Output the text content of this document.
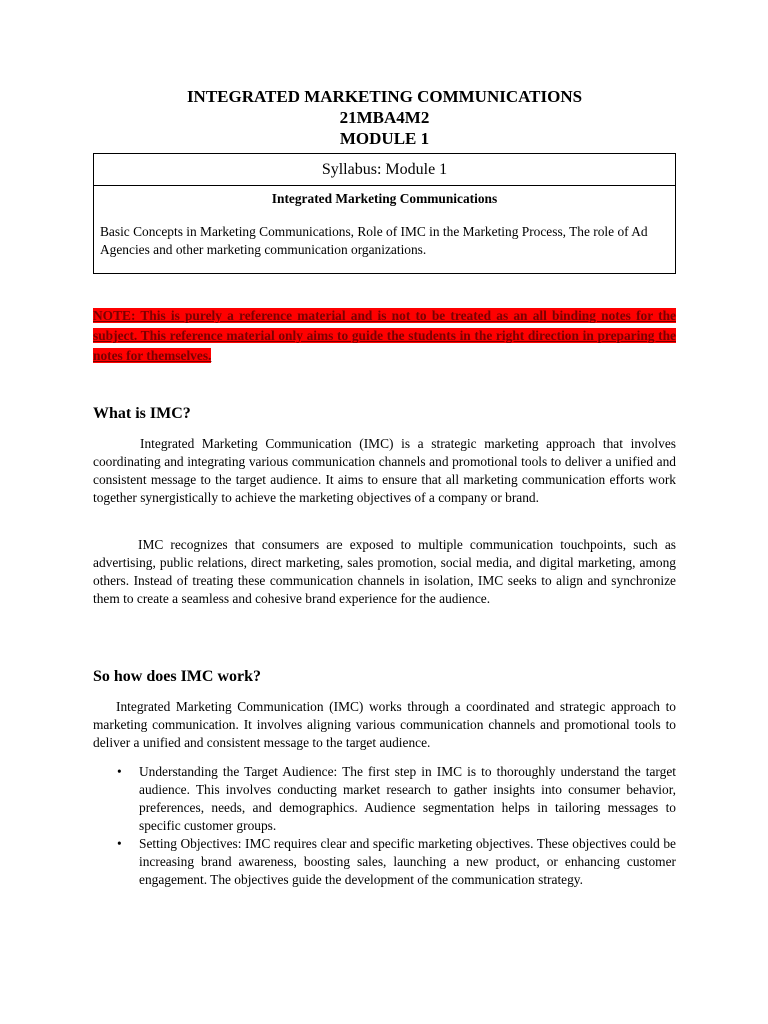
INTEGRATED MARKETING COMMUNICATIONS
21MBA4M2
MODULE 1
Syllabus: Module 1
Integrated Marketing Communications
Basic Concepts in Marketing Communications, Role of IMC in the Marketing Process, The role of Ad Agencies and other marketing communication organizations.
NOTE: This is purely a reference material and is not to be treated as an all binding notes for the subject. This reference material only aims to guide the students in the right direction in preparing the notes for themselves.
What is IMC?

Integrated Marketing Communication (IMC) is a strategic marketing approach that involves coordinating and integrating various communication channels and promotional tools to deliver a unified and consistent message to the target audience. It aims to ensure that all marketing communication efforts work together synergistically to achieve the marketing objectives of a company or brand.

IMC recognizes that consumers are exposed to multiple communication touchpoints, such as advertising, public relations, direct marketing, sales promotion, social media, and digital marketing, among others. Instead of treating these communication channels in isolation, IMC seeks to align and synchronize them to create a seamless and cohesive brand experience for the audience.

So how does IMC work?

Integrated Marketing Communication (IMC) works through a coordinated and strategic approach to marketing communication. It involves aligning various communication channels and promotional tools to deliver a unified and consistent message to the target audience.

• Understanding the Target Audience: The first step in IMC is to thoroughly understand the target audience. This involves conducting market research to gather insights into consumer behavior, preferences, needs, and demographics. Audience segmentation helps in tailoring messages to specific customer groups.
• Setting Objectives: IMC requires clear and specific marketing objectives. These objectives could be increasing brand awareness, boosting sales, launching a new product, or enhancing customer engagement. The objectives guide the development of the communication strategy.
